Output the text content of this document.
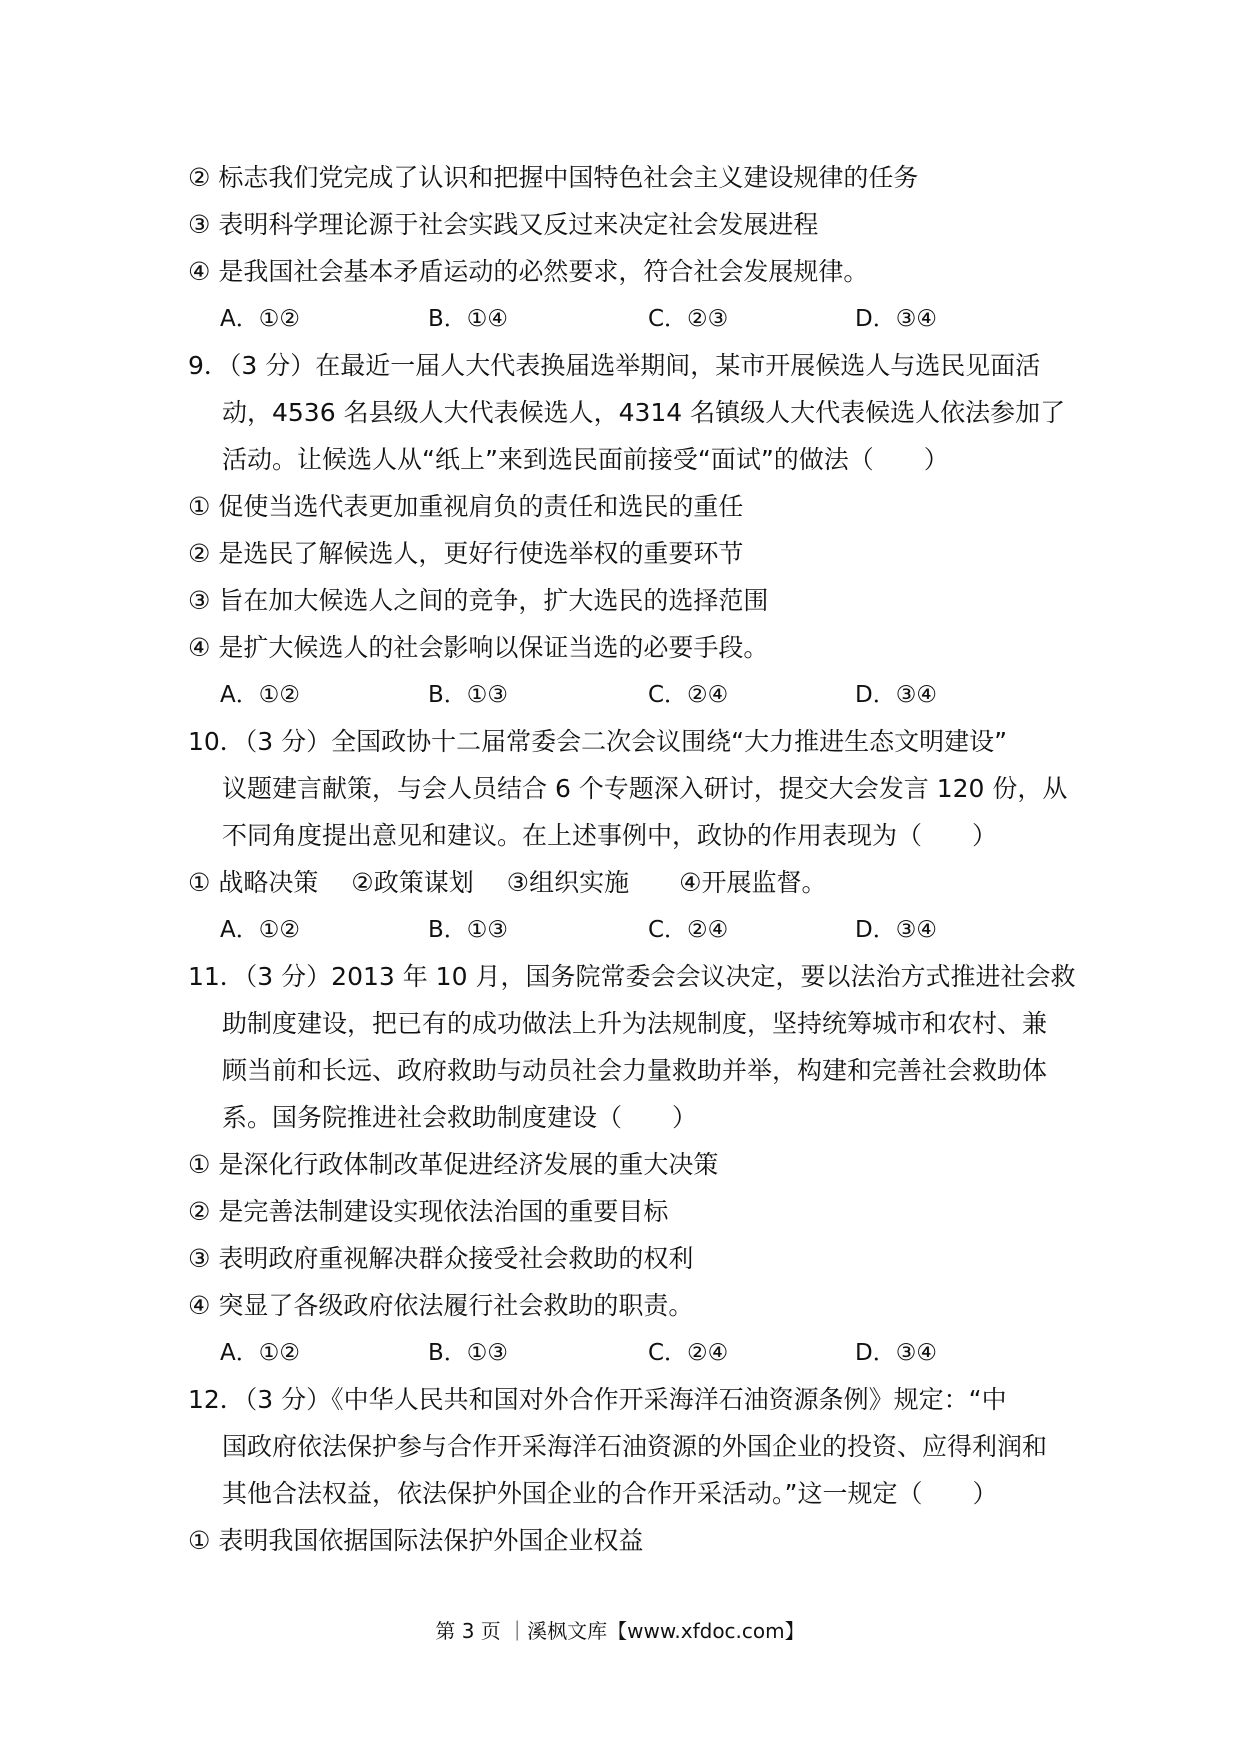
② 标志我们党完成了认识和把握中国特色社会主义建设规律的任务
③ 表明科学理论源于社会实践又反过来决定社会发展进程
④ 是我国社会基本矛盾运动的必然要求，符合社会发展规律。
A．①②	B．①④	C．②③	D．③④
9．（3 分）在最近一届人大代表换届选举期间，某市开展候选人与选民见面活
动，4536 名县级人大代表候选人，4314 名镇级人大代表候选人依法参加了
活动。让候选人从“纸上”来到选民面前接受“面试”的做法（　　）
① 促使当选代表更加重视肩负的责任和选民的重任
② 是选民了解候选人，更好行使选举权的重要环节
③ 旨在加大候选人之间的竞争，扩大选民的选择范围
④ 是扩大候选人的社会影响以保证当选的必要手段。
A．①②	B．①③	C．②④	D．③④
10．（3 分）全国政协十二届常委会二次会议围绕“大力推进生态文明建设”
议题建言献策，与会人员结合 6 个专题深入研讨，提交大会发言 120 份，从
不同角度提出意见和建议。在上述事例中，政协的作用表现为（　　）
① 战略决策　 ②政策谋划　 ③组织实施　　④开展监督。
A．①②	B．①③	C．②④	D．③④
11．（3 分）2013 年 10 月，国务院常委会会议决定，要以法治方式推进社会救
助制度建设，把已有的成功做法上升为法规制度，坚持统筹城市和农村、兼
顾当前和长远、政府救助与动员社会力量救助并举，构建和完善社会救助体
系。国务院推进社会救助制度建设（　　）
① 是深化行政体制改革促进经济发展的重大决策
② 是完善法制建设实现依法治国的重要目标
③ 表明政府重视解决群众接受社会救助的权利
④ 突显了各级政府依法履行社会救助的职责。
A．①②	B．①③	C．②④	D．③④
12．（3 分）《中华人民共和国对外合作开采海洋石油资源条例》规定：“中
国政府依法保护参与合作开采海洋石油资源的外国企业的投资、应得利润和
其他合法权益，依法保护外国企业的合作开采活动。”这一规定（　　）
① 表明我国依据国际法保护外国企业权益
第 3 页 ｜溪枫文库【www.xfdoc.com】
